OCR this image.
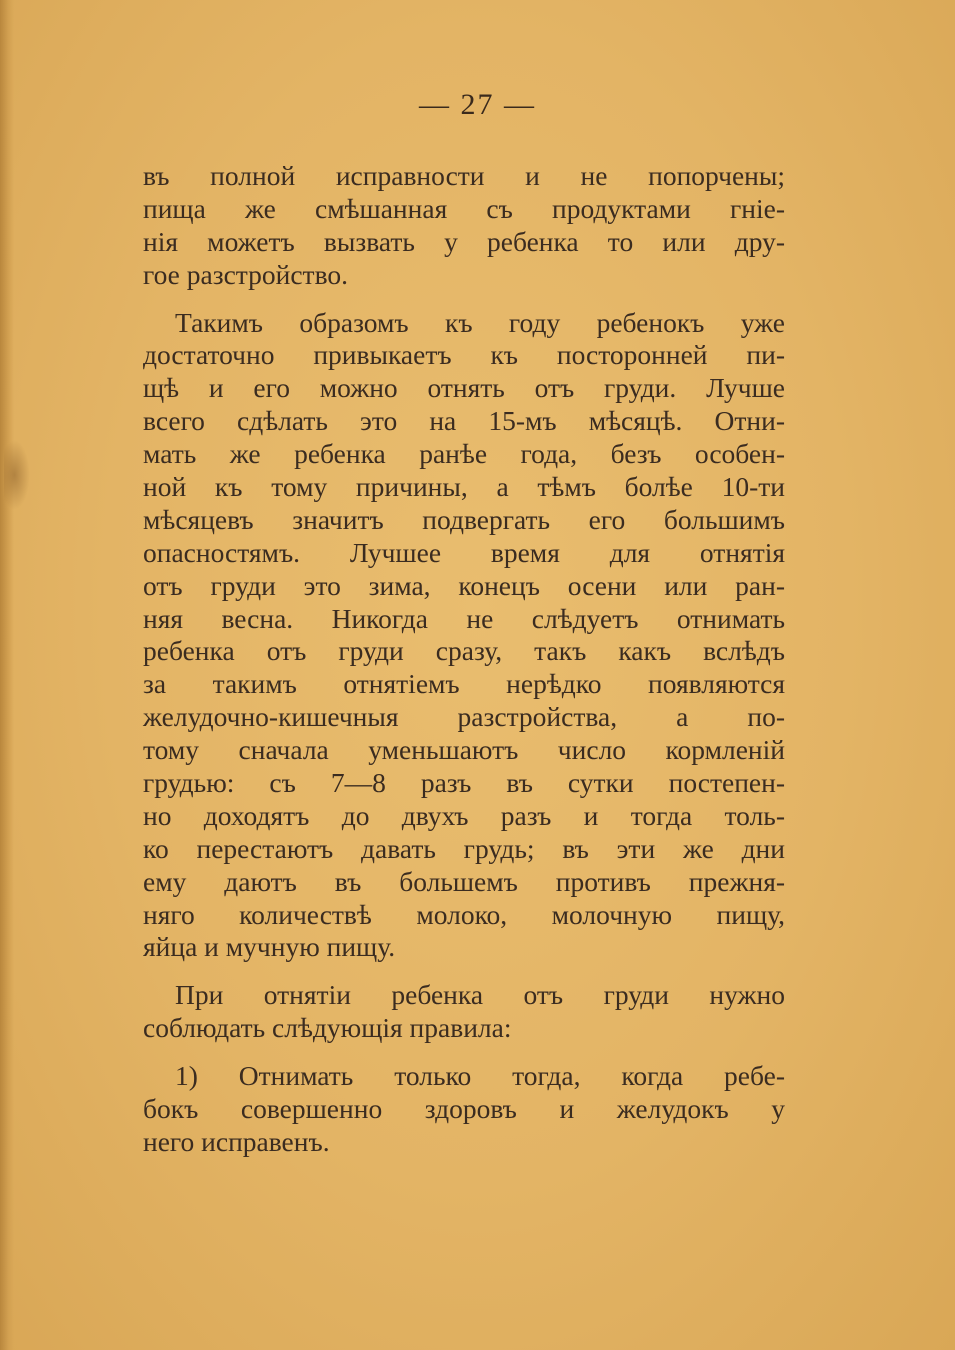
— 27 —
въ полной исправности и не попорчены;
пища же смѣшанная съ продуктами гнiе-
нiя можетъ вызвать у ребенка то или дру-
гое разстройство.
Такимъ образомъ къ году ребенокъ уже
достаточно привыкаетъ къ посторонней пи-
щѣ и его можно отнять отъ груди. Лучше
всего сдѣлать это на 15-мъ мѣсяцѣ. Отни-
мать же ребенка ранѣе года, безъ особен-
ной къ тому причины, а тѣмъ болѣе 10-ти
мѣсяцевъ значитъ подвергать его большимъ
опасностямъ. Лучшее время для отнятiя
отъ груди это зима, конецъ осени или ран-
няя весна. Никогда не слѣдуетъ отнимать
ребенка отъ груди сразу, такъ какъ вслѣдъ
за такимъ отнятiемъ нерѣдко появляются
желудочно-кишечныя разстройства, а по-
тому сначала уменьшаютъ число кормленiй
грудью: съ 7—8 разъ въ сутки постепен-
но доходятъ до двухъ разъ и тогда толь-
ко перестаютъ давать грудь; въ эти же дни
ему даютъ въ большемъ противъ прежня-
няго количествѣ молоко, молочную пищу,
яйца и мучную пищу.
При отнятiи ребенка отъ груди нужно
соблюдать слѣдующiя правила:
1) Отнимать только тогда, когда ребе-
бокъ совершенно здоровъ и желудокъ у
него исправенъ.
